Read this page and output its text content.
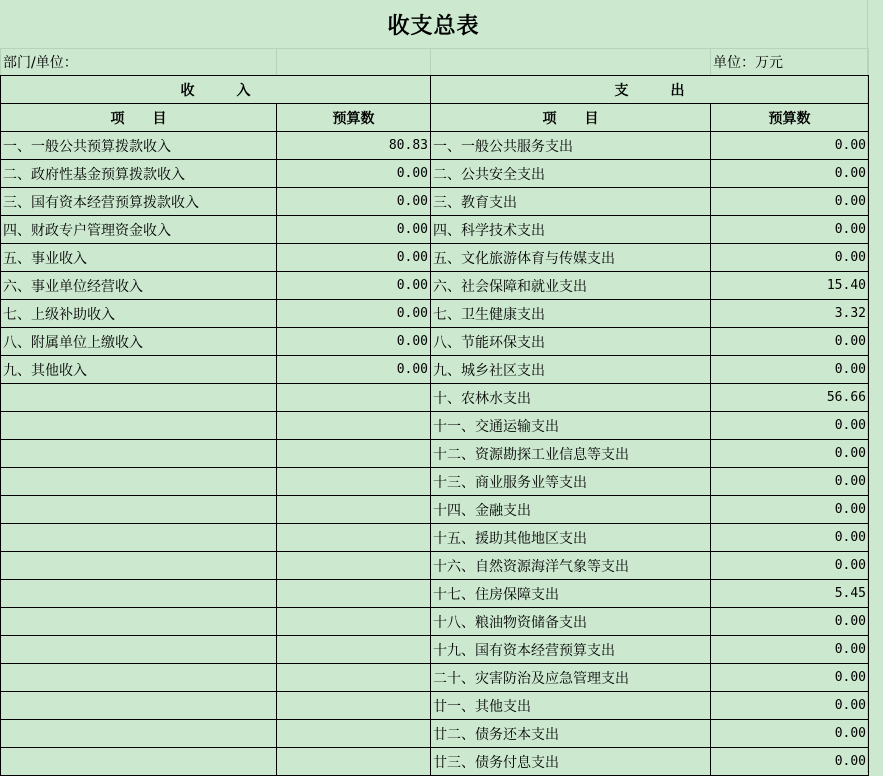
收支总表
部门/单位：			单位：万元
收　　　入		支　　　出	
项　　目	预算数	项　　目	预算数
一、一般公共预算拨款收入	80.83	一、一般公共服务支出	0.00
二、政府性基金预算拨款收入	0.00	二、公共安全支出	0.00
三、国有资本经营预算拨款收入	0.00	三、教育支出	0.00
四、财政专户管理资金收入	0.00	四、科学技术支出	0.00
五、事业收入	0.00	五、文化旅游体育与传媒支出	0.00
六、事业单位经营收入	0.00	六、社会保障和就业支出	15.40
七、上级补助收入	0.00	七、卫生健康支出	3.32
八、附属单位上缴收入	0.00	八、节能环保支出	0.00
九、其他收入	0.00	九、城乡社区支出	0.00
		十、农林水支出	56.66
		十一、交通运输支出	0.00
		十二、资源勘探工业信息等支出	0.00
		十三、商业服务业等支出	0.00
		十四、金融支出	0.00
		十五、援助其他地区支出	0.00
		十六、自然资源海洋气象等支出	0.00
		十七、住房保障支出	5.45
		十八、粮油物资储备支出	0.00
		十九、国有资本经营预算支出	0.00
		二十、灾害防治及应急管理支出	0.00
		廿一、其他支出	0.00
		廿二、债务还本支出	0.00
		廿三、债务付息支出	0.00
